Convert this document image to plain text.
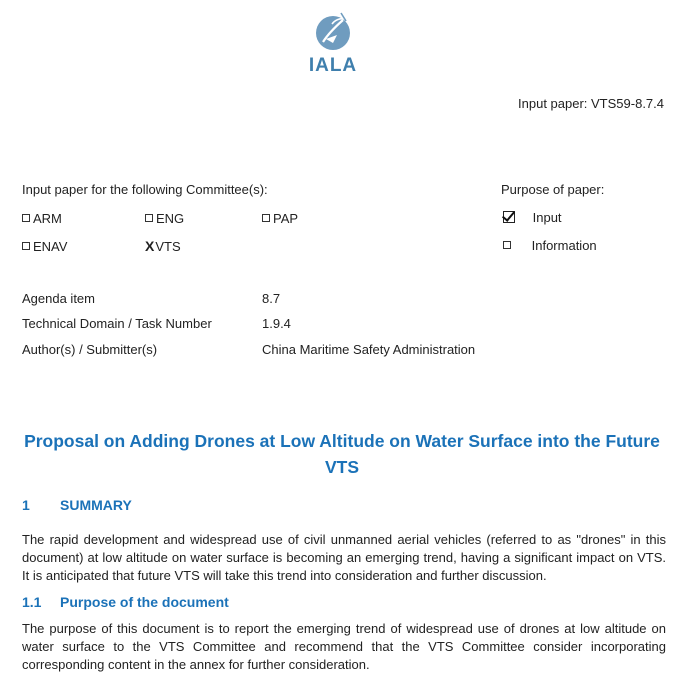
IALA
Input paper: VTS59-8.7.4
Input paper for the following Committee(s):
ARM	ENG	PAP
ENAV	XVTS
Purpose of paper:
Input
Information
Agenda item	8.7
Technical Domain / Task Number	1.9.4
Author(s) / Submitter(s)	China Maritime Safety Administration
Proposal on Adding Drones at Low Altitude on Water Surface into the Future VTS
1 SUMMARY
The rapid development and widespread use of civil unmanned aerial vehicles (referred to as "drones" in this document) at low altitude on water surface is becoming an emerging trend, having a significant impact on VTS. It is anticipated that future VTS will take this trend into consideration and further discussion.
1.1 Purpose of the document
The purpose of this document is to report the emerging trend of widespread use of drones at low altitude on water surface to the VTS Committee and recommend that the VTS Committee consider incorporating corresponding content in the annex for further consideration.
